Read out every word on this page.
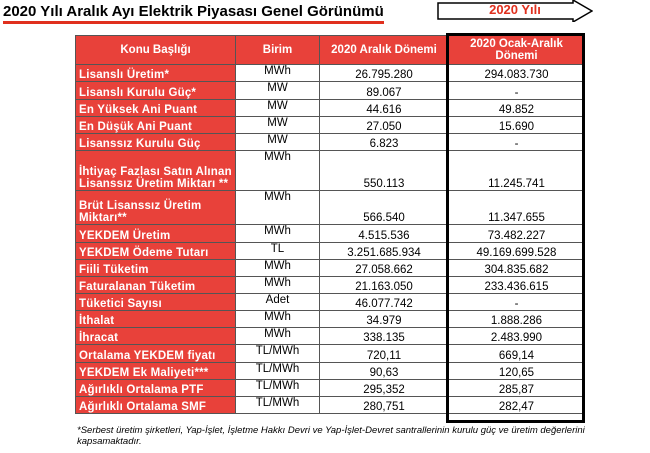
2020 Yılı Aralık Ayı Elektrik Piyasası Genel Görünümü	2020 Yılı
Konu Başlığı	Birim	2020 Aralık Dönemi	2020 Ocak-Aralık Dönemi
Lisanslı Üretim*	MWh	26.795.280	294.083.730
Lisanslı Kurulu Güç*	MW	89.067	-
En Yüksek Ani Puant	MW	44.616	49.852
En Düşük Ani Puant	MW	27.050	15.690
Lisanssız Kurulu Güç	MW	6.823	-
İhtiyaç Fazlası Satın Alınan Lisanssız Üretim Miktarı **	MWh	550.113	11.245.741
Brüt Lisanssız Üretim Miktarı**	MWh	566.540	11.347.655
YEKDEM Üretim	MWh	4.515.536	73.482.227
YEKDEM Ödeme Tutarı	TL	3.251.685.934	49.169.699.528
Fiili Tüketim	MWh	27.058.662	304.835.682
Faturalanan Tüketim	MWh	21.163.050	233.436.615
Tüketici Sayısı	Adet	46.077.742	-
İthalat	MWh	34.979	1.888.286
İhracat	MWh	338.135	2.483.990
Ortalama YEKDEM fiyatı	TL/MWh	720,11	669,14
YEKDEM Ek Maliyeti***	TL/MWh	90,63	120,65
Ağırlıklı Ortalama PTF	TL/MWh	295,352	285,87
Ağırlıklı Ortalama SMF	TL/MWh	280,751	282,47
*Serbest üretim şirketleri, Yap-İşlet, İşletme Hakkı Devri ve Yap-İşlet-Devret santrallerinin kurulu güç ve üretim değerlerini kapsamaktadır.
